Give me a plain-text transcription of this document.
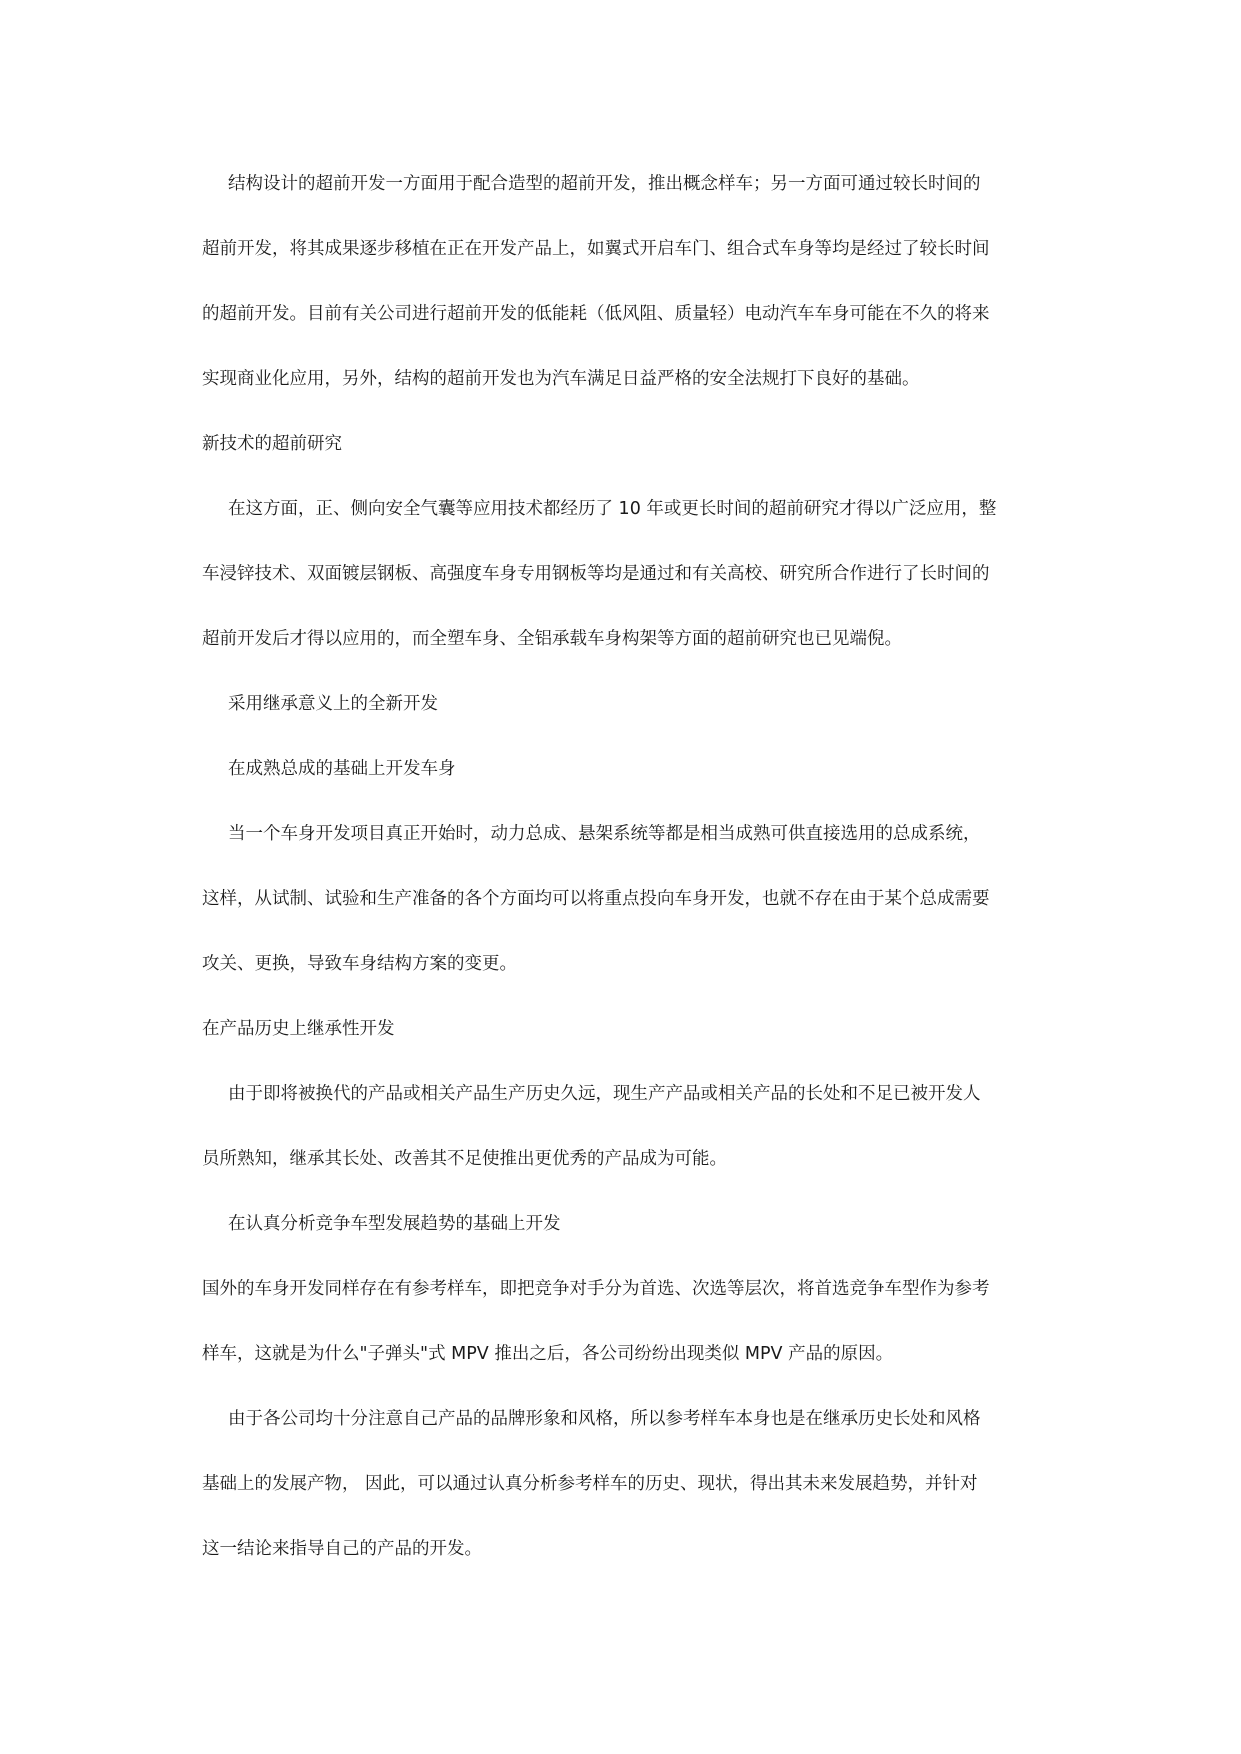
结构设计的超前开发一方面用于配合造型的超前开发，推出概念样车；另一方面可通过较长时间的
超前开发，将其成果逐步移植在正在开发产品上，如翼式开启车门、组合式车身等均是经过了较长时间
的超前开发。目前有关公司进行超前开发的低能耗（低风阻、质量轻）电动汽车车身可能在不久的将来
实现商业化应用，另外，结构的超前开发也为汽车满足日益严格的安全法规打下良好的基础。
新技术的超前研究
在这方面，正、侧向安全气囊等应用技术都经历了 10 年或更长时间的超前研究才得以广泛应用，整
车浸锌技术、双面镀层钢板、高强度车身专用钢板等均是通过和有关高校、研究所合作进行了长时间的
超前开发后才得以应用的，而全塑车身、全铝承载车身构架等方面的超前研究也已见端倪。
采用继承意义上的全新开发
在成熟总成的基础上开发车身
当一个车身开发项目真正开始时，动力总成、悬架系统等都是相当成熟可供直接选用的总成系统，
这样，从试制、试验和生产准备的各个方面均可以将重点投向车身开发，也就不存在由于某个总成需要
攻关、更换，导致车身结构方案的变更。
在产品历史上继承性开发
由于即将被换代的产品或相关产品生产历史久远，现生产产品或相关产品的长处和不足已被开发人
员所熟知，继承其长处、改善其不足使推出更优秀的产品成为可能。
在认真分析竞争车型发展趋势的基础上开发
国外的车身开发同样存在有参考样车，即把竞争对手分为首选、次选等层次，将首选竞争车型作为参考
样车，这就是为什么"子弹头"式 MPV 推出之后，各公司纷纷出现类似 MPV 产品的原因。
由于各公司均十分注意自己产品的品牌形象和风格，所以参考样车本身也是在继承历史长处和风格
基础上的发展产物， 因此，可以通过认真分析参考样车的历史、现状，得出其未来发展趋势，并针对
这一结论来指导自己的产品的开发。
